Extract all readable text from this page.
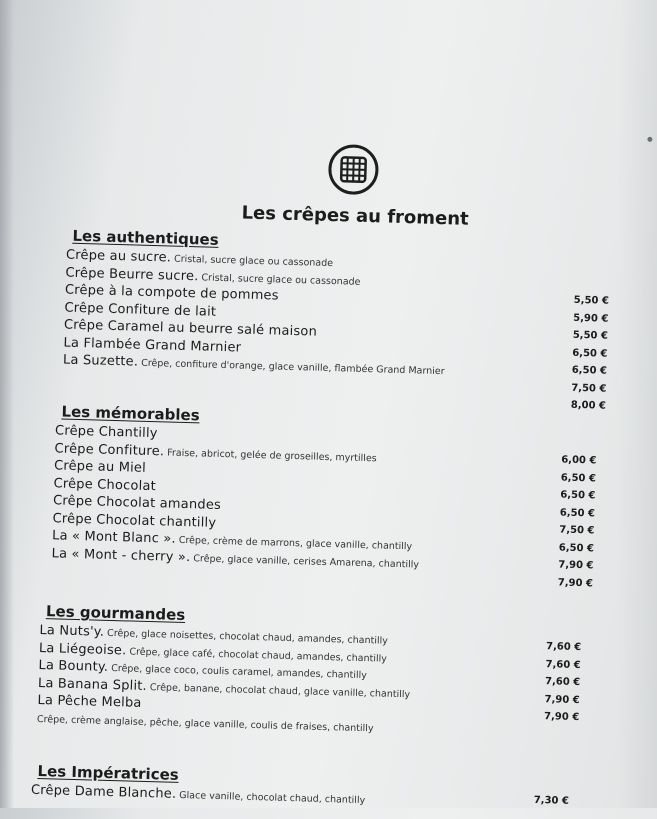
Les crêpes au froment
Les authentiques
Crêpe au sucre. Cristal, sucre glace ou cassonade
Crêpe Beurre sucre. Cristal, sucre glace ou cassonade
Crêpe à la compote de pommes
Crêpe Confiture de lait
Crêpe Caramel au beurre salé maison
La Flambée Grand Marnier
La Suzette. Crêpe, confiture d'orange, glace vanille, flambée Grand Marnier
5,50 €
5,90 €
5,50 €
6,50 €
6,50 €
7,50 €
8,00 €
Les mémorables
Crêpe Chantilly
Crêpe Confiture. Fraise, abricot, gelée de groseilles, myrtilles
Crêpe au Miel
Crêpe Chocolat
Crêpe Chocolat amandes
Crêpe Chocolat chantilly
La « Mont Blanc ». Crêpe, crème de marrons, glace vanille, chantilly
La « Mont - cherry ». Crêpe, glace vanille, cerises Amarena, chantilly
6,00 €
6,50 €
6,50 €
6,50 €
7,50 €
6,50 €
7,90 €
7,90 €
Les gourmandes
La Nuts'y. Crêpe, glace noisettes, chocolat chaud, amandes, chantilly
La Liégeoise. Crêpe, glace café, chocolat chaud, amandes, chantilly
La Bounty. Crêpe, glace coco, coulis caramel, amandes, chantilly
La Banana Split. Crêpe, banane, chocolat chaud, glace vanille, chantilly
La Pêche Melba
Crêpe, crème anglaise, pêche, glace vanille, coulis de fraises, chantilly
7,60 €
7,60 €
7,60 €
7,90 €
7,90 €
Les Impératrices
Crêpe Dame Blanche. Glace vanille, chocolat chaud, chantilly	7,30 €
